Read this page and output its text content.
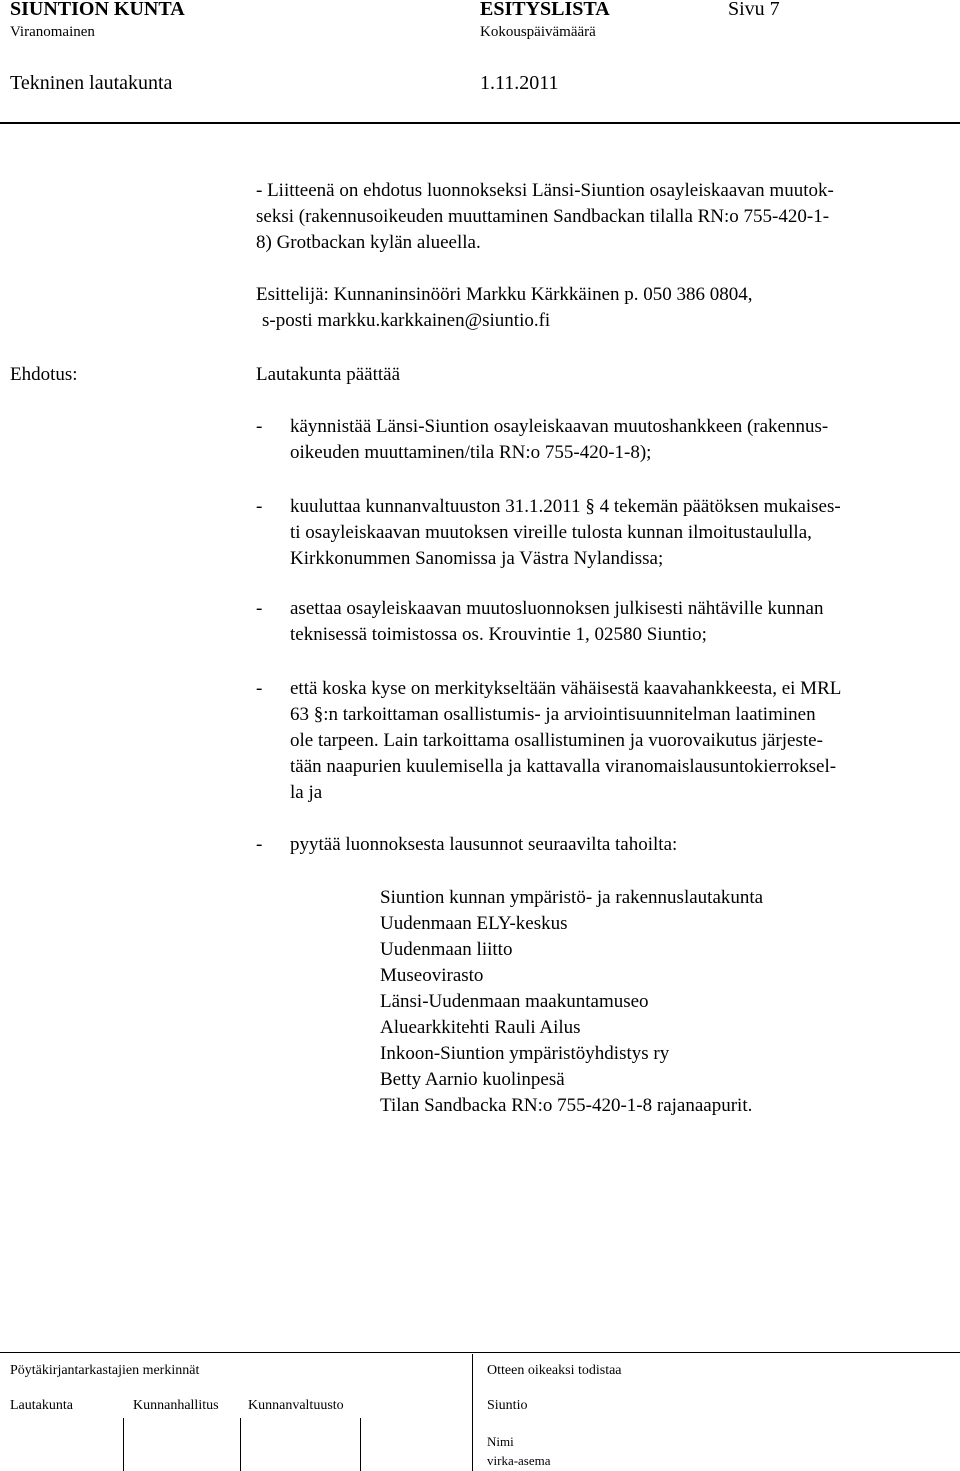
SIUNTION KUNTA	ESITYSLISTA	Sivu 7
Viranomainen	Kokouspäivämäärä
Tekninen lautakunta	1.11.2011
- Liitteenä on ehdotus luonnokseksi Länsi-Siuntion osayleiskaavan muutok-
seksi (rakennusoikeuden muuttaminen Sandbackan tilalla RN:o 755-420-1-
8) Grotbackan kylän alueella.
Esittelijä: Kunnaninsinööri Markku Kärkkäinen p. 050 386 0804,
s-posti markku.karkkainen@siuntio.fi
Ehdotus:	Lautakunta päättää
- käynnistää Länsi-Siuntion osayleiskaavan muutoshankkeen (rakennus-
oikeuden muuttaminen/tila RN:o 755-420-1-8);
- kuuluttaa kunnanvaltuuston 31.1.2011 § 4 tekemän päätöksen mukaises-
ti osayleiskaavan muutoksen vireille tulosta kunnan ilmoitustaululla,
Kirkkonummen Sanomissa ja Västra Nylandissa;
- asettaa osayleiskaavan muutosluonnoksen julkisesti nähtäville kunnan
teknisessä toimistossa os. Krouvintie 1, 02580 Siuntio;
- että koska kyse on merkitykseltään vähäisestä kaavahankkeesta, ei MRL
63 §:n tarkoittaman osallistumis- ja arviointisuunnitelman laatiminen
ole tarpeen. Lain tarkoittama osallistuminen ja vuorovaikutus järjeste-
tään naapurien kuulemisella ja kattavalla viranomaislausuntokierroksel-
la ja
- pyytää luonnoksesta lausunnot seuraavilta tahoilta:
Siuntion kunnan ympäristö- ja rakennuslautakunta
Uudenmaan ELY-keskus
Uudenmaan liitto
Museovirasto
Länsi-Uudenmaan maakuntamuseo
Aluearkkitehti Rauli Ailus
Inkoon-Siuntion ympäristöyhdistys ry
Betty Aarnio kuolinpesä
Tilan Sandbacka RN:o 755-420-1-8 rajanaapurit.
Pöytäkirjantarkastajien merkinnät	Otteen oikeaksi todistaa
Lautakunta	Kunnanhallitus Kunnanvaltuusto	Siuntio
Nimi
virka-asema
